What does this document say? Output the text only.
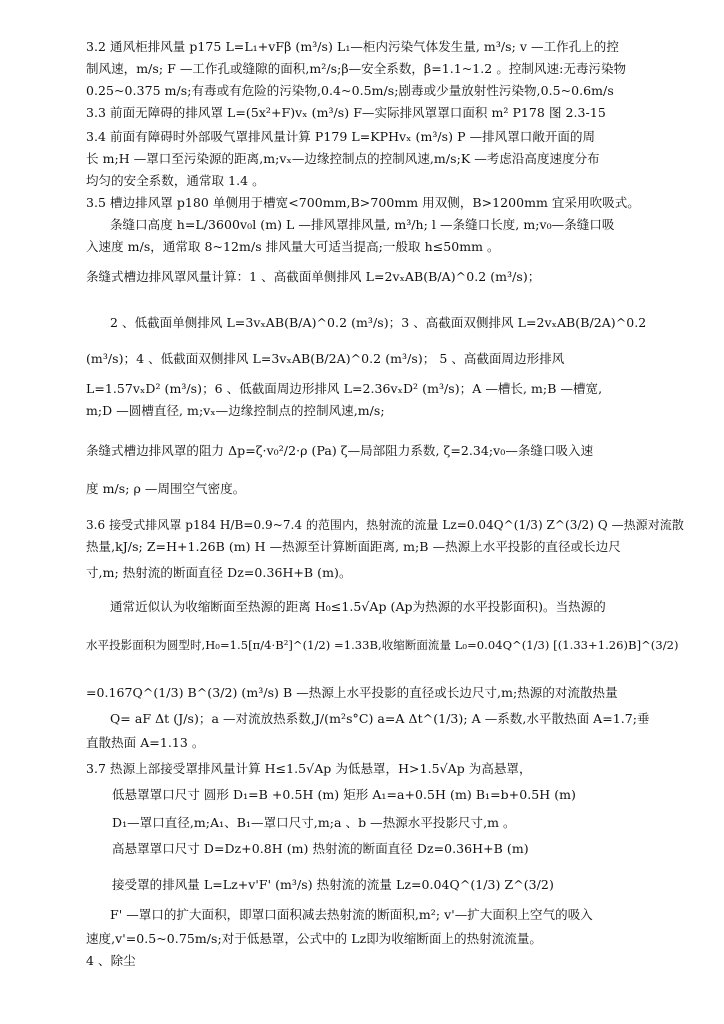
3.2 通风柜排风量 p175 L=L₁+vFβ (m³/s) L₁—柜内污染气体发生量, m³/s; v —工作孔上的控
制风速，m/s; F —工作孔或缝隙的面积,m²/s;β—安全系数，β=1.1~1.2 。控制风速:无毒污染物
0.25~0.375 m/s;有毒或有危险的污染物,0.4~0.5m/s;剧毒或少量放射性污染物,0.5~0.6m/s
3.3 前面无障碍的排风罩 L=(5x²+F)vₓ (m³/s) F—实际排风罩罩口面积 m² P178 图 2.3-15
3.4 前面有障碍时外部吸气罩排风量计算 P179 L=KPHvₓ (m³/s) P —排风罩口敞开面的周
长 m;H —罩口至污染源的距离,m;vₓ—边缘控制点的控制风速,m/s;K —考虑沿高度速度分布
均匀的安全系数，通常取 1.4 。
3.5 槽边排风罩 p180 单侧用于槽宽<700mm,B>700mm 用双侧，B>1200mm 宜采用吹吸式。
条缝口高度 h=L/3600v₀l (m) L —排风罩排风量, m³/h; l —条缝口长度, m;v₀—条缝口吸
入速度 m/s，通常取 8~12m/s 排风量大可适当提高;一般取 h≤50mm 。
条缝式槽边排风罩风量计算：1 、高截面单侧排风 L=2vₓAB(B/A)^0.2 (m³/s)；
2 、低截面单侧排风 L=3vₓAB(B/A)^0.2 (m³/s)；3 、高截面双侧排风 L=2vₓAB(B/2A)^0.2
(m³/s)；4 、低截面双侧排风 L=3vₓAB(B/2A)^0.2 (m³/s)； 5 、高截面周边形排风
L=1.57vₓD² (m³/s)；6 、低截面周边形排风 L=2.36vₓD² (m³/s)；A —槽长, m;B —槽宽,
m;D —圆槽直径, m;vₓ—边缘控制点的控制风速,m/s;
条缝式槽边排风罩的阻力 Δp=ζ·v₀²/2·ρ (Pa) ζ—局部阻力系数, ζ=2.34;v₀—条缝口吸入速
度 m/s; ρ —周围空气密度。
3.6 接受式排风罩 p184 H/B=0.9~7.4 的范围内，热射流的流量 Lz=0.04Q^(1/3) Z^(3/2) Q —热源对流散
热量,kJ/s; Z=H+1.26B (m) H —热源至计算断面距离, m;B —热源上水平投影的直径或长边尺
寸,m; 热射流的断面直径 Dz=0.36H+B (m)。
通常近似认为收缩断面至热源的距离 H₀≤1.5√Ap (Ap为热源的水平投影面积)。当热源的
水平投影面积为圆型时,H₀=1.5[π/4·B²]^(1/2) =1.33B,收缩断面流量 L₀=0.04Q^(1/3) [(1.33+1.26)B]^(3/2)
=0.167Q^(1/3) B^(3/2) (m³/s) B —热源上水平投影的直径或长边尺寸,m;热源的对流散热量
Q= aF Δt (J/s)；a —对流放热系数,J/(m²s°C) a=A Δt^(1/3); A —系数,水平散热面 A=1.7;垂
直散热面 A=1.13 。
3.7 热源上部接受罩排风量计算 H≤1.5√Ap 为低悬罩，H>1.5√Ap 为高悬罩，
低悬罩罩口尺寸 圆形 D₁=B +0.5H (m) 矩形 A₁=a+0.5H (m) B₁=b+0.5H (m)
D₁—罩口直径,m;A₁、B₁—罩口尺寸,m;a 、b —热源水平投影尺寸,m 。
高悬罩罩口尺寸 D=Dz+0.8H (m) 热射流的断面直径 Dz=0.36H+B (m)
接受罩的排风量 L=Lz+v'F' (m³/s) 热射流的流量 Lz=0.04Q^(1/3) Z^(3/2)
F' —罩口的扩大面积，即罩口面积减去热射流的断面积,m²; v'—扩大面积上空气的吸入
速度,v'=0.5~0.75m/s;对于低悬罩，公式中的 Lz即为收缩断面上的热射流流量。
4 、除尘
